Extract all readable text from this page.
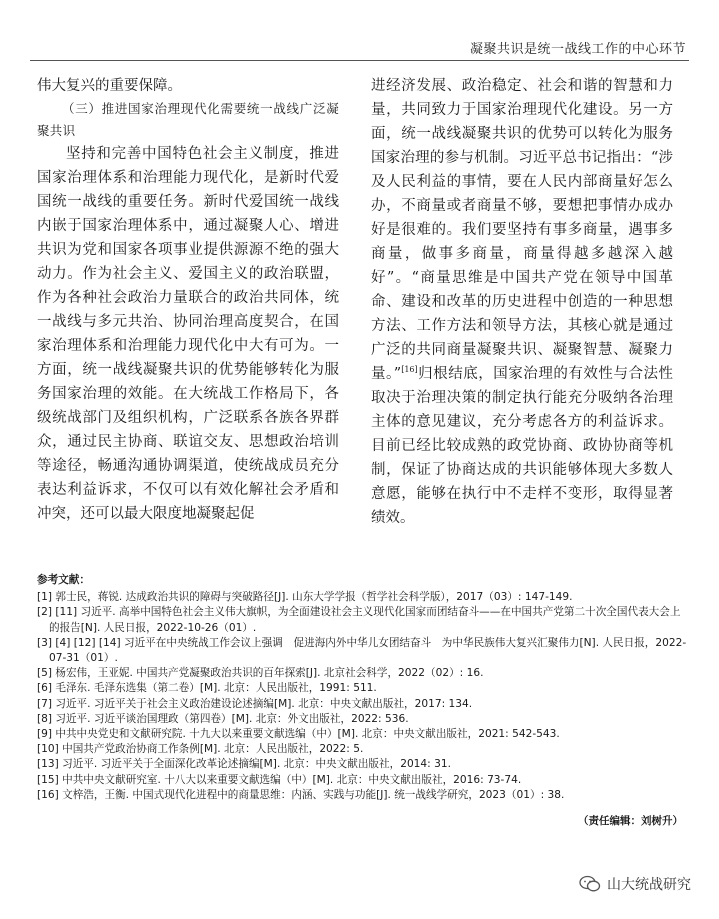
凝聚共识是统一战线工作的中心环节

伟大复兴的重要保障。

（三）推进国家治理现代化需要统一战线广泛凝聚共识

坚持和完善中国特色社会主义制度，推进国家治理体系和治理能力现代化，是新时代爱国统一战线的重要任务。新时代爱国统一战线内嵌于国家治理体系中，通过凝聚人心、增进共识为党和国家各项事业提供源源不绝的强大动力。作为社会主义、爱国主义的政治联盟，作为各种社会政治力量联合的政治共同体，统一战线与多元共治、协同治理高度契合，在国家治理体系和治理能力现代化中大有可为。一方面，统一战线凝聚共识的优势能够转化为服务国家治理的效能。在大统战工作格局下，各级统战部门及组织机构，广泛联系各族各界群众，通过民主协商、联谊交友、思想政治培训等途径，畅通沟通协调渠道，使统战成员充分表达利益诉求，不仅可以有效化解社会矛盾和冲突，还可以最大限度地凝聚起促

进经济发展、政治稳定、社会和谐的智慧和力量，共同致力于国家治理现代化建设。另一方面，统一战线凝聚共识的优势可以转化为服务国家治理的参与机制。习近平总书记指出：“涉及人民利益的事情，要在人民内部商量好怎么办，不商量或者商量不够，要想把事情办成办好是很难的。我们要坚持有事多商量，遇事多商量，做事多商量，商量得越多越深入越好”。“商量思维是中国共产党在领导中国革命、建设和改革的历史进程中创造的一种思想方法、工作方法和领导方法，其核心就是通过广泛的共同商量凝聚共识、凝聚智慧、凝聚力量。”[16]归根结底，国家治理的有效性与合法性取决于治理决策的制定执行能充分吸纳各治理主体的意见建议，充分考虑各方的利益诉求。目前已经比较成熟的政党协商、政协协商等机制，保证了协商达成的共识能够体现大多数人意愿，能够在执行中不走样不变形，取得显著绩效。

参考文献：
[1] 郭士民，蒋锐. 达成政治共识的障碍与突破路径[J]. 山东大学学报（哲学社会科学版），2017（03）: 147-149.
[2] [11] 习近平. 高举中国特色社会主义伟大旗帜，为全面建设社会主义现代化国家而团结奋斗——在中国共产党第二十次全国代表大会上的报告[N]. 人民日报，2022-10-26（01）.
[3] [4] [12] [14] 习近平在中央统战工作会议上强调　促进海内外中华儿女团结奋斗　为中华民族伟大复兴汇聚伟力[N]. 人民日报，2022-07-31（01）.
[5] 杨宏伟，王亚妮. 中国共产党凝聚政治共识的百年探索[J]. 北京社会科学，2022（02）: 16.
[6] 毛泽东. 毛泽东选集（第二卷）[M]. 北京：人民出版社，1991: 511.
[7] 习近平. 习近平关于社会主义政治建设论述摘编[M]. 北京：中央文献出版社，2017: 134.
[8] 习近平. 习近平谈治国理政（第四卷）[M]. 北京：外文出版社，2022: 536.
[9] 中共中央党史和文献研究院. 十九大以来重要文献选编（中）[M]. 北京：中央文献出版社，2021: 542-543.
[10] 中国共产党政治协商工作条例[M]. 北京：人民出版社，2022: 5.
[13] 习近平. 习近平关于全面深化改革论述摘编[M]. 北京：中央文献出版社，2014: 31.
[15] 中共中央文献研究室. 十八大以来重要文献选编（中）[M]. 北京：中央文献出版社，2016: 73-74.
[16] 文梓浩，王衡. 中国式现代化进程中的商量思维：内涵、实践与功能[J]. 统一战线学研究，2023（01）: 38.
（责任编辑：刘树升）
山大统战研究
